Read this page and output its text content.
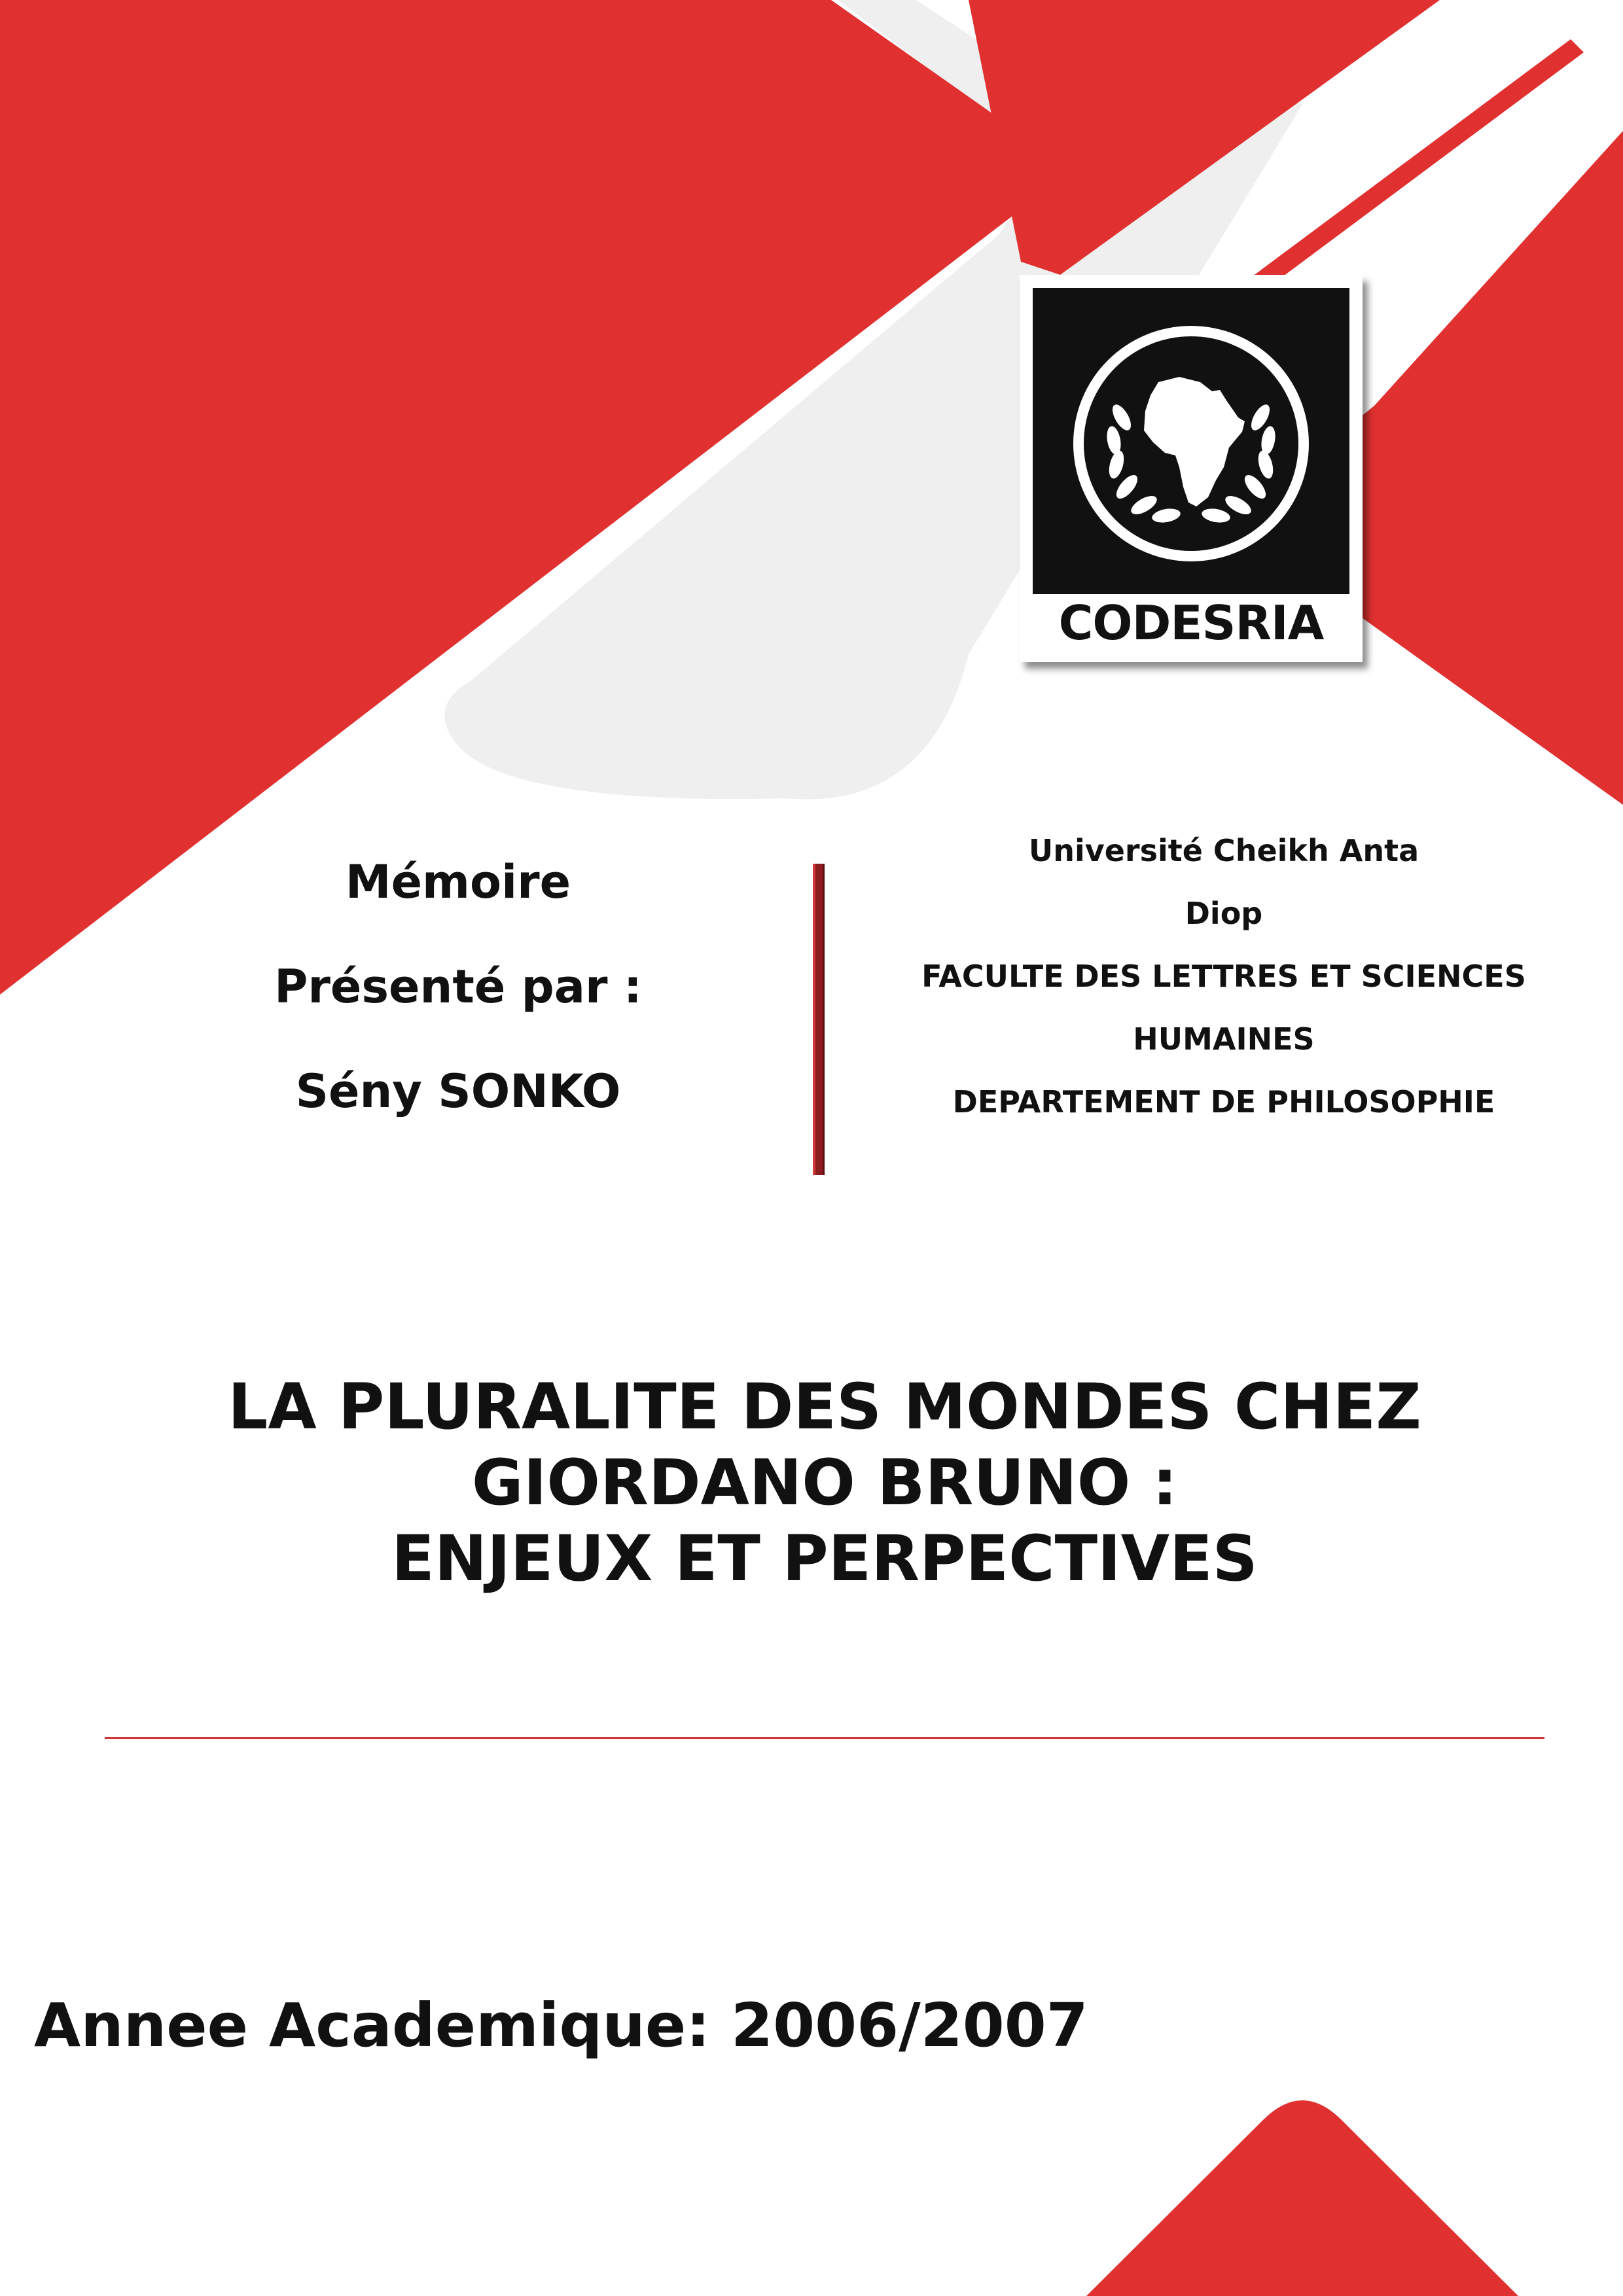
CODESRIA
Mémoire
Présenté par :
Sény SONKO
Université Cheikh Anta
Diop
FACULTE DES LETTRES ET SCIENCES
HUMAINES
DEPARTEMENT DE PHILOSOPHIE
LA PLURALITE DES MONDES CHEZ
GIORDANO BRUNO :
ENJEUX ET PERPECTIVES
Annee Academique: 2006/2007
